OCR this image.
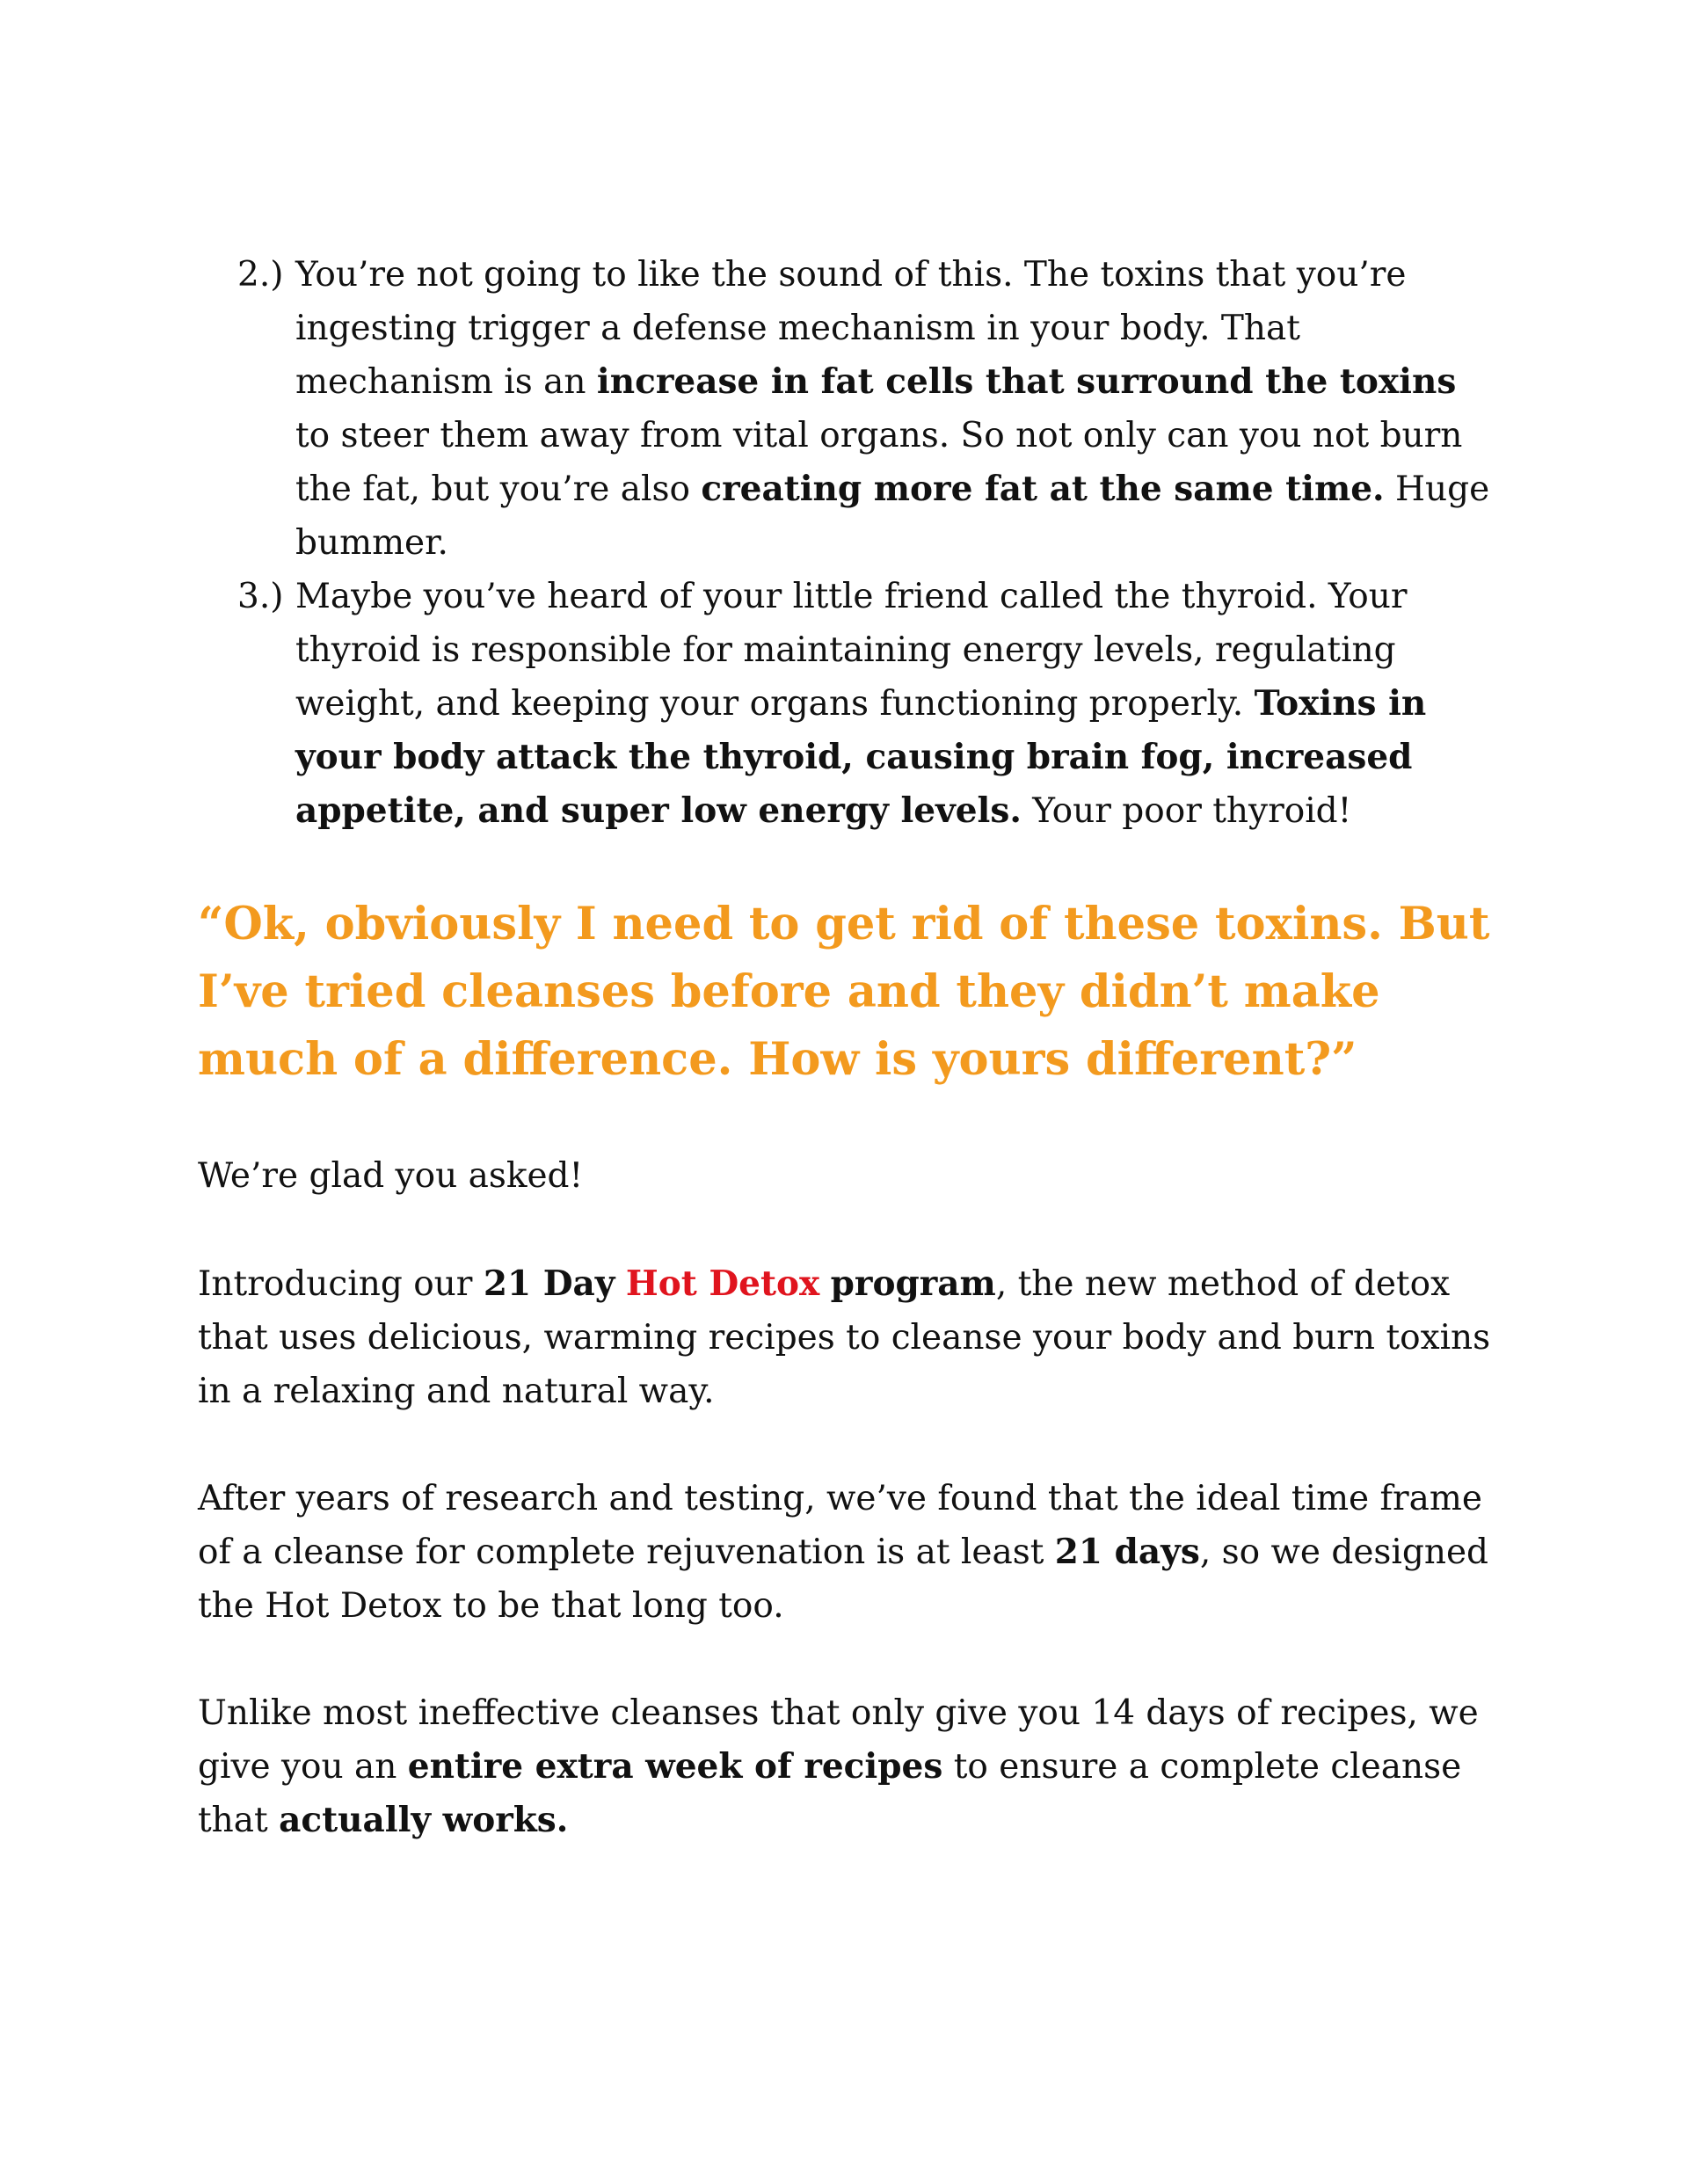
2.) You’re not going to like the sound of this. The toxins that you’re ingesting trigger a defense mechanism in your body. That mechanism is an increase in fat cells that surround the toxins to steer them away from vital organs. So not only can you not burn the fat, but you’re also creating more fat at the same time. Huge bummer.
3.) Maybe you’ve heard of your little friend called the thyroid. Your thyroid is responsible for maintaining energy levels, regulating weight, and keeping your organs functioning properly. Toxins in your body attack the thyroid, causing brain fog, increased appetite, and super low energy levels. Your poor thyroid!
“Ok, obviously I need to get rid of these toxins. But I’ve tried cleanses before and they didn’t make much of a difference. How is yours different?”
We’re glad you asked!
Introducing our 21 Day Hot Detox program, the new method of detox that uses delicious, warming recipes to cleanse your body and burn toxins in a relaxing and natural way.
After years of research and testing, we’ve found that the ideal time frame of a cleanse for complete rejuvenation is at least 21 days, so we designed the Hot Detox to be that long too.
Unlike most ineffective cleanses that only give you 14 days of recipes, we give you an entire extra week of recipes to ensure a complete cleanse that actually works.
